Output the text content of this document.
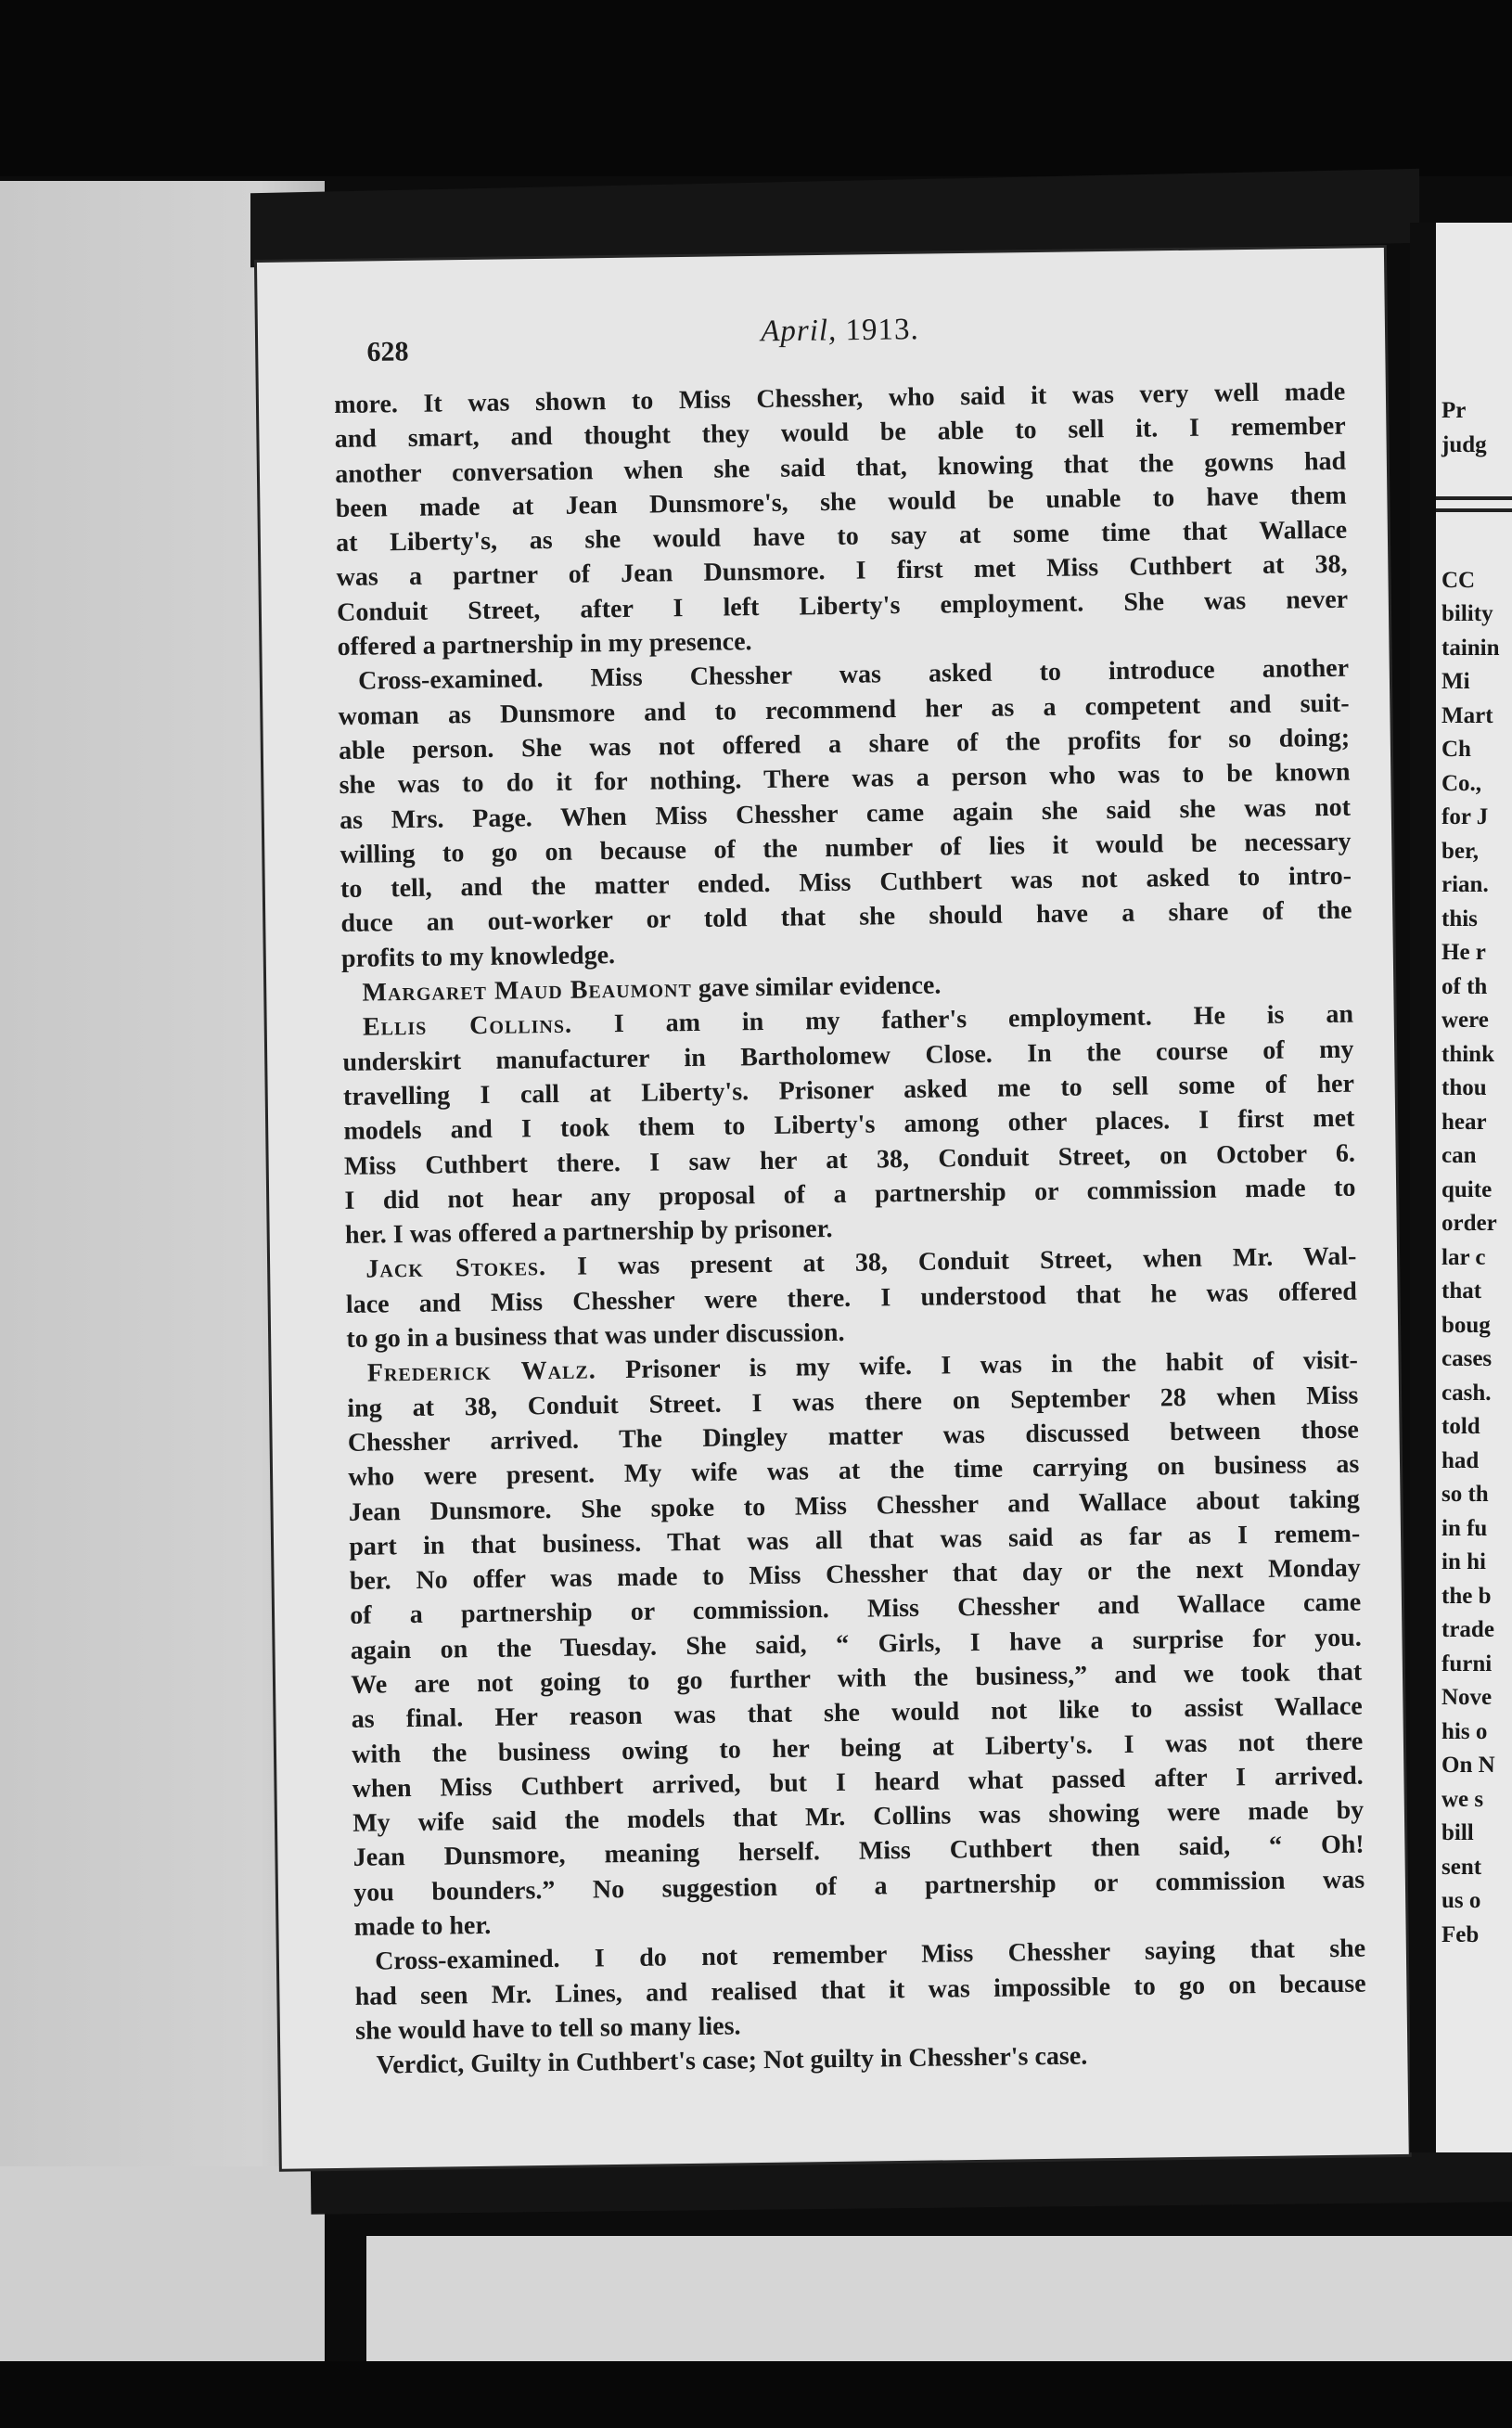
Pr
judg
CC
bility
tainin
Mi
Mart
Ch
Co.,
for J
ber,
rian.
this
He r
of th
were
think
thou
hear
can
quite
order
lar c
that
boug
cases
cash.
told
had
so th
in fu
in hi
the b
trade
furni
Nove
his o
On N
we s
bill
sent
us o
Feb
628
April, 1913.
more. It was shown to Miss Chessher, who said it was very well made
and smart, and thought they would be able to sell it. I remember
another conversation when she said that, knowing that the gowns had
been made at Jean Dunsmore's, she would be unable to have them
at Liberty's, as she would have to say at some time that Wallace
was a partner of Jean Dunsmore. I first met Miss Cuthbert at 38,
Conduit Street, after I left Liberty's employment. She was never
offered a partnership in my presence.
Cross-examined. Miss Chessher was asked to introduce another
woman as Dunsmore and to recommend her as a competent and suit-
able person. She was not offered a share of the profits for so doing;
she was to do it for nothing. There was a person who was to be known
as Mrs. Page. When Miss Chessher came again she said she was not
willing to go on because of the number of lies it would be necessary
to tell, and the matter ended. Miss Cuthbert was not asked to intro-
duce an out-worker or told that she should have a share of the
profits to my knowledge.
Margaret Maud Beaumont gave similar evidence.
Ellis Collins. I am in my father's employment. He is an
underskirt manufacturer in Bartholomew Close. In the course of my
travelling I call at Liberty's. Prisoner asked me to sell some of her
models and I took them to Liberty's among other places. I first met
Miss Cuthbert there. I saw her at 38, Conduit Street, on October 6.
I did not hear any proposal of a partnership or commission made to
her. I was offered a partnership by prisoner.
Jack Stokes. I was present at 38, Conduit Street, when Mr. Wal-
lace and Miss Chessher were there. I understood that he was offered
to go in a business that was under discussion.
Frederick Walz. Prisoner is my wife. I was in the habit of visit-
ing at 38, Conduit Street. I was there on September 28 when Miss
Chessher arrived. The Dingley matter was discussed between those
who were present. My wife was at the time carrying on business as
Jean Dunsmore. She spoke to Miss Chessher and Wallace about taking
part in that business. That was all that was said as far as I remem-
ber. No offer was made to Miss Chessher that day or the next Monday
of a partnership or commission. Miss Chessher and Wallace came
again on the Tuesday. She said, “ Girls, I have a surprise for you.
We are not going to go further with the business,” and we took that
as final. Her reason was that she would not like to assist Wallace
with the business owing to her being at Liberty's. I was not there
when Miss Cuthbert arrived, but I heard what passed after I arrived.
My wife said the models that Mr. Collins was showing were made by
Jean Dunsmore, meaning herself. Miss Cuthbert then said, “ Oh!
you bounders.” No suggestion of a partnership or commission was
made to her.
Cross-examined. I do not remember Miss Chessher saying that she
had seen Mr. Lines, and realised that it was impossible to go on because
she would have to tell so many lies.
Verdict, Guilty in Cuthbert's case; Not guilty in Chessher's case.
